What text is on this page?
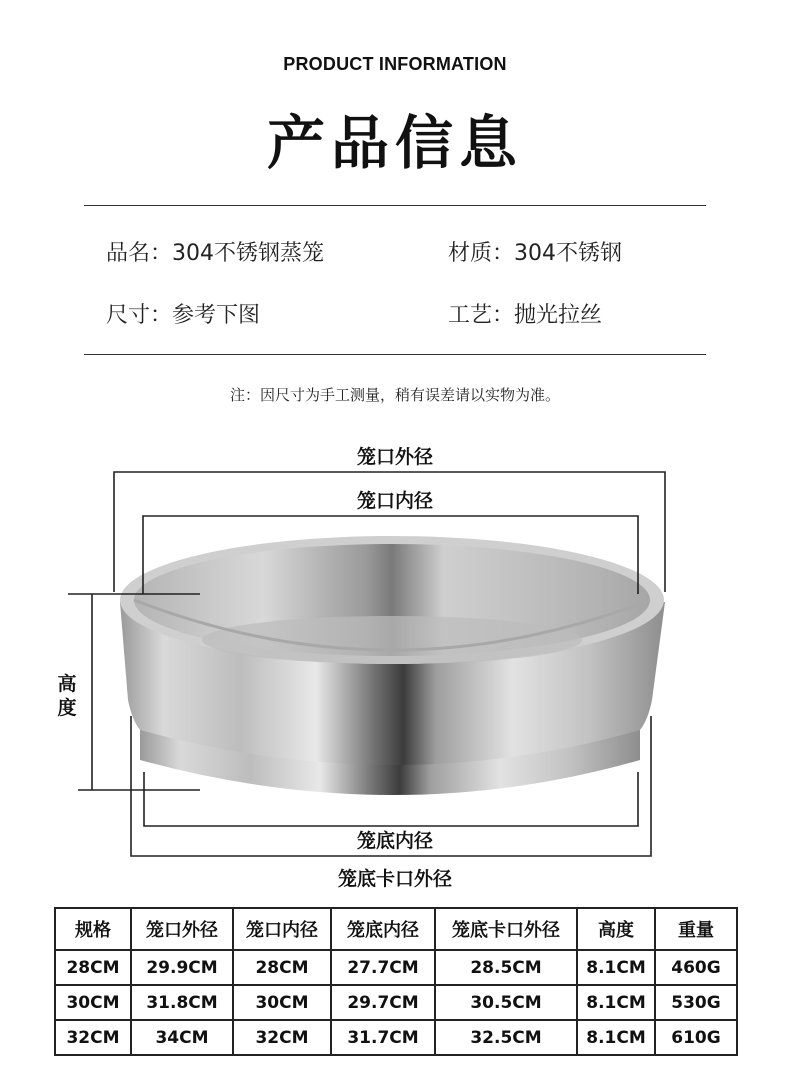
PRODUCT INFORMATION
产品信息
品名：304不锈钢蒸笼	材质：304不锈钢
尺寸：参考下图	工艺：抛光拉丝
注：因尺寸为手工测量，稍有误差请以实物为准。
笼口外径
笼口内径
高度
笼底内径
笼底卡口外径
规格	笼口外径	笼口内径	笼底内径	笼底卡口外径	高度	重量
28CM	29.9CM	28CM	27.7CM	28.5CM	8.1CM	460G
30CM	31.8CM	30CM	29.7CM	30.5CM	8.1CM	530G
32CM	34CM	32CM	31.7CM	32.5CM	8.1CM	610G
